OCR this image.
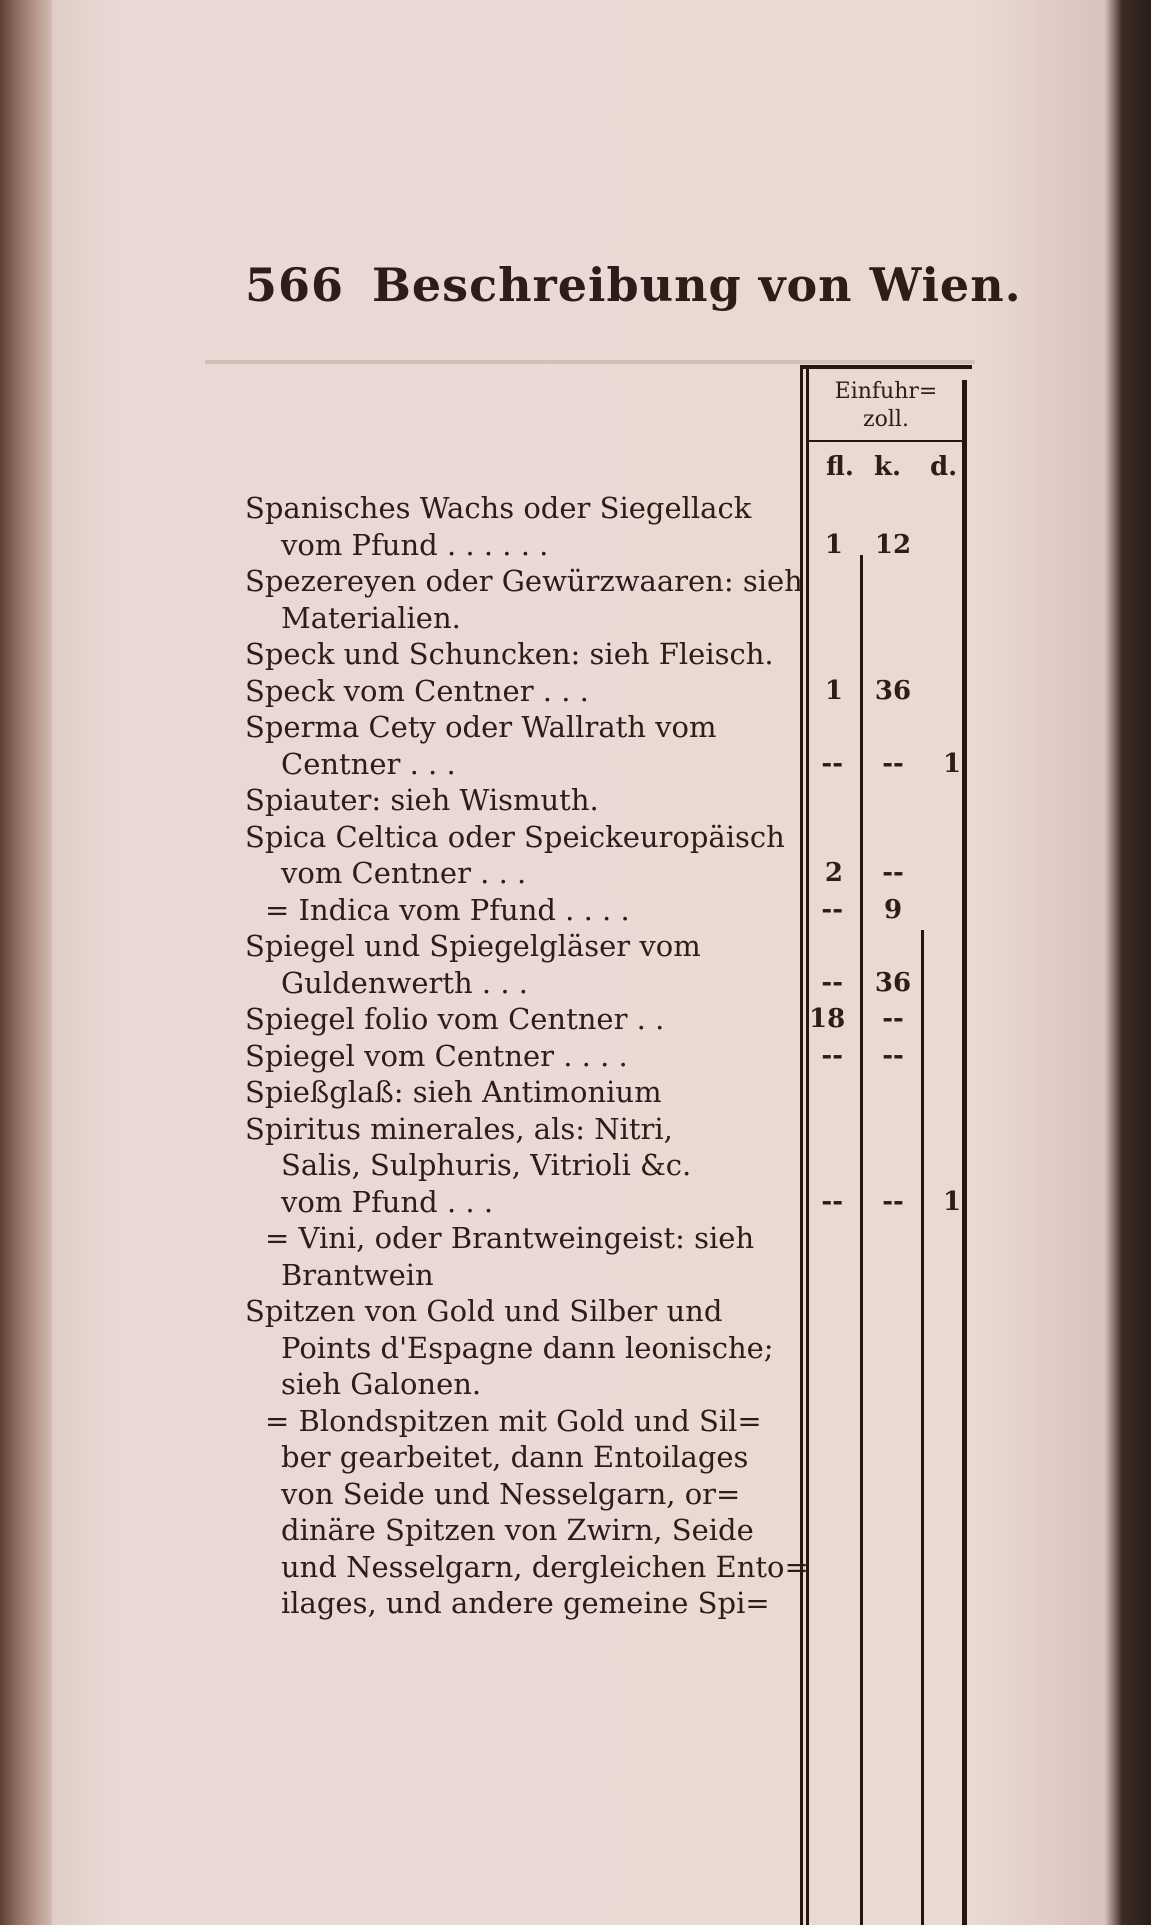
566 Beschreibung von Wien.
Einfuhr=
zoll.
fl. k. d.
Spanisches Wachs oder Siegellack
vom Pfund . . . . . .	1 12
Spezereyen oder Gewürzwaaren: sieh
Materialien.
Speck und Schuncken: sieh Fleisch.
Speck vom Centner . . .	1 36
Sperma Cety oder Wallrath vom
Centner . . .	--	--	1
Spiauter: sieh Wismuth.
Spica Celtica oder Speickeuropäisch
vom Centner . . .	2	--
= Indica vom Pfund . . . .	--	9
Spiegel und Spiegelgläser vom
Guldenwerth . . .	-- 36
Spiegel folio vom Centner . .	18	--
Spiegel vom Centner . . . .	--	--
Spießglaß: sieh Antimonium
Spiritus minerales, als: Nitri,
Salis, Sulphuris, Vitrioli &c.
vom Pfund . . .	--	--	1
= Vini, oder Brantweingeist: sieh
Brantwein
Spitzen von Gold und Silber und
Points d'Espagne dann leonische;
sieh Galonen.
= Blondspitzen mit Gold und Sil=
ber gearbeitet, dann Entoilages
von Seide und Nesselgarn, or=
dinäre Spitzen von Zwirn, Seide
und Nesselgarn, dergleichen Ento=
ilages, und andere gemeine Spi=
